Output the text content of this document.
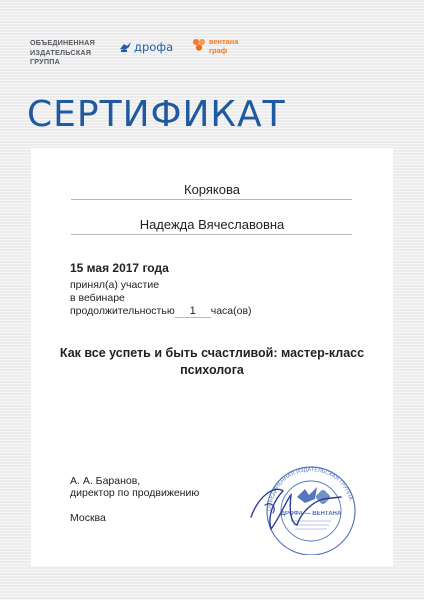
ОБЪЕДИНЕННАЯ
ИЗДАТЕЛЬСКАЯ
ГРУППА
дрофа	вентана
граф
СЕРТИФИКАТ
Корякова
Надежда Вячеславовна
15 мая 2017 года
принял(а) участие
в вебинаре
продолжительностью 1 часа(ов)
Как все успеть и быть счастливой: мастер-класс
психолога
А. А. Баранов,
директор по продвижению
Москва
ОБЪЕДИНЕННАЯ ИЗДАТЕЛЬСКАЯ ГРУППА
ДРОФА — ВЕНТАНА
